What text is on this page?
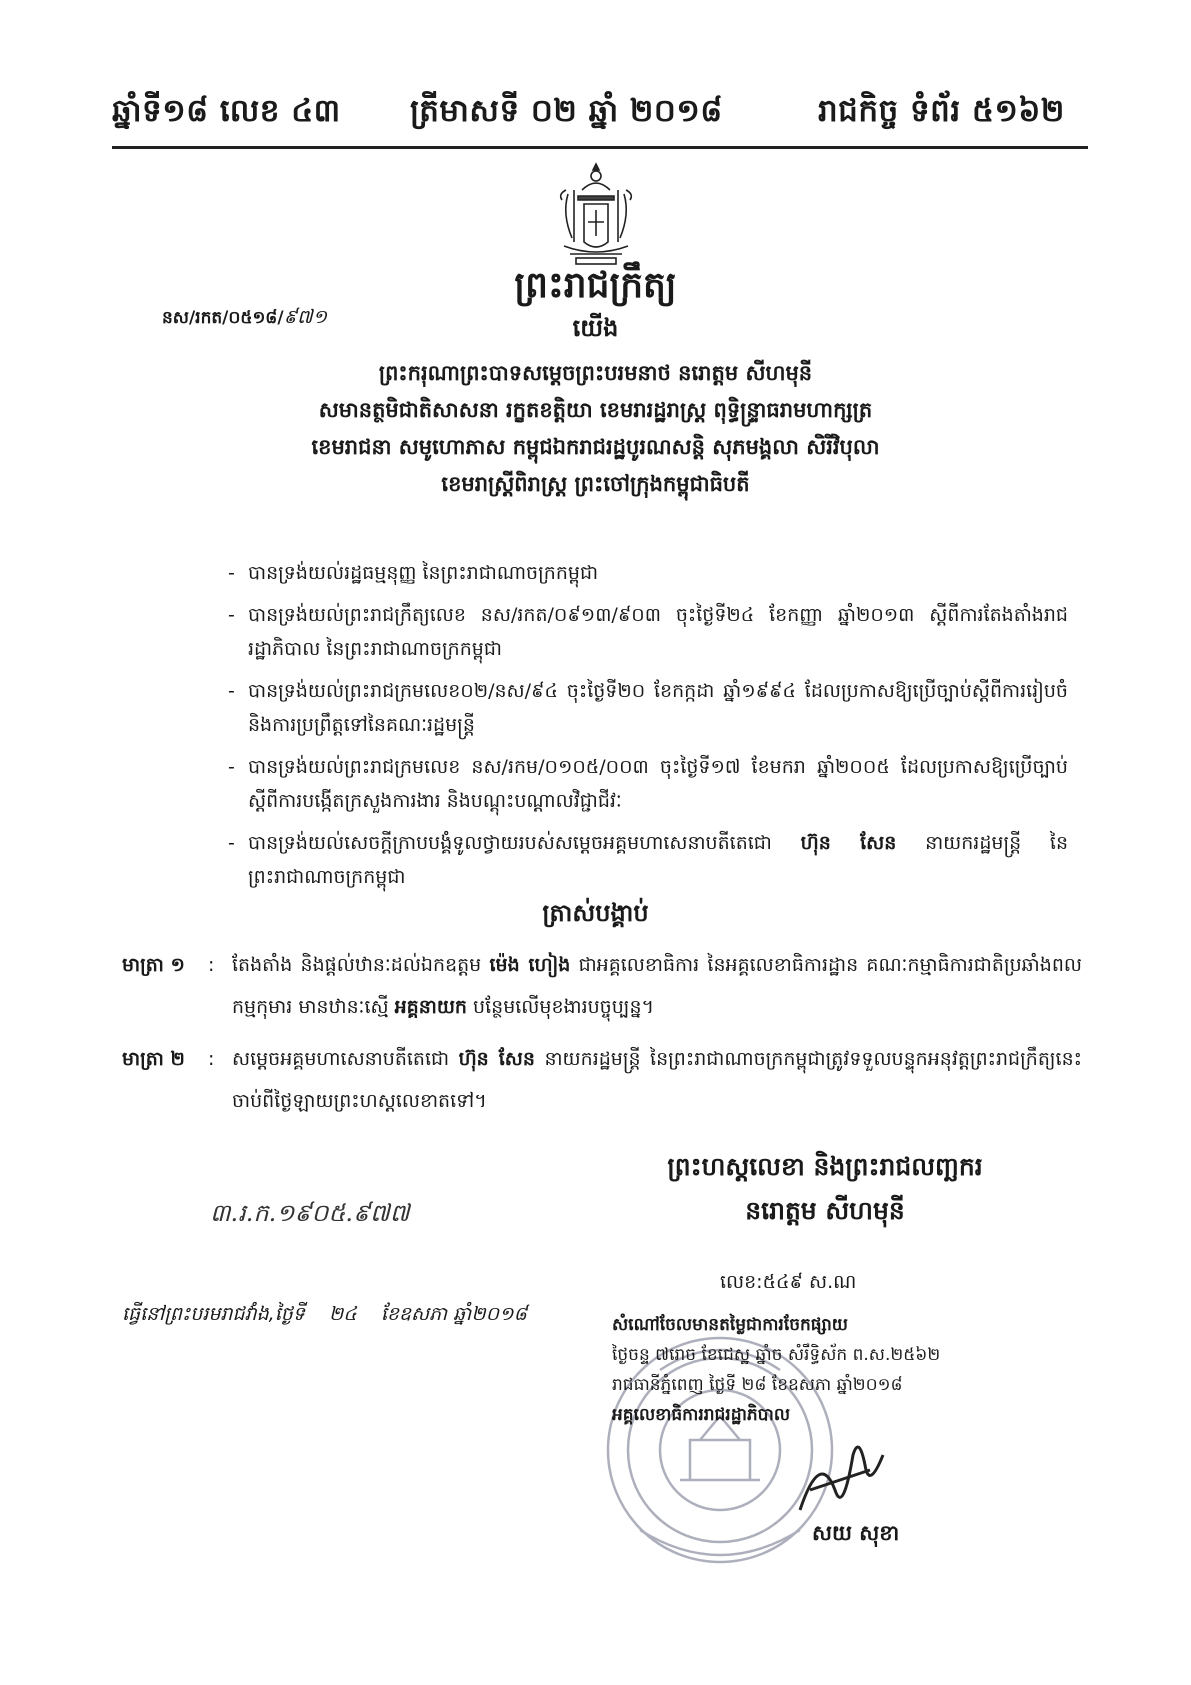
ឆ្នាំទី១៨ លេខ ៤៣ ត្រីមាសទី ០២ ឆ្នាំ ២០១៨	រាជកិច្ច ទំព័រ ៥១៦២
នស/រកត/០៥១៨/៩៧១
ព្រះរាជក្រឹត្យ
យើង
ព្រះករុណាព្រះបាទសម្ដេចព្រះបរមនាថ នរោត្ដម សីហមុនី
សមានត្ថមិជាតិសាសនា រក្ខតខត្តិយា ខេមរារដ្ឋរាស្ត្រ ពុទ្ធិន្ទ្រាធរាមហាក្សត្រ
ខេមរាជនា សមូហោភាស កម្ពុជឯករាជរដ្ឋបូរណសន្តិ សុភមង្គលា សិរីវិបុលា
ខេមរាស្ត្រីពិរាស្ត្រ ព្រះចៅក្រុងកម្ពុជាធិបតី
- បានទ្រង់យល់រដ្ឋធម្មនុញ្ញ នៃព្រះរាជាណាចក្រកម្ពុជា
- បានទ្រង់យល់ព្រះរាជក្រឹត្យលេខ នស/រកត/០៩១៣/៩០៣ ចុះថ្ងៃទី២៤ ខែកញ្ញា ឆ្នាំ២០១៣ ស្ដីពីការតែងតាំងរាជរដ្ឋាភិបាល នៃព្រះរាជាណាចក្រកម្ពុជា
- បានទ្រង់យល់ព្រះរាជក្រមលេខ០២/នស/៩៤ ចុះថ្ងៃទី២០ ខែកក្កដា ឆ្នាំ១៩៩៤ ដែលប្រកាសឱ្យប្រើច្បាប់ស្ដីពីការរៀបចំ និងការប្រព្រឹត្តទៅនៃគណៈរដ្ឋមន្ត្រី
- បានទ្រង់យល់ព្រះរាជក្រមលេខ នស/រកម/០១០៥/០០៣ ចុះថ្ងៃទី១៧ ខែមករា ឆ្នាំ២០០៥ ដែលប្រកាសឱ្យប្រើច្បាប់ស្ដីពីការបង្កើតក្រសួងការងារ និងបណ្ដុះបណ្ដាលវិជ្ជាជីវៈ
- បានទ្រង់យល់សេចក្ដីក្រាបបង្គំទូលថ្វាយរបស់សម្ដេចអគ្គមហាសេនាបតីតេជោ ហ៊ុន សែន នាយករដ្ឋមន្ត្រី នៃព្រះរាជាណាចក្រកម្ពុជា
ត្រាស់បង្គាប់
មាត្រា ១ : តែងតាំង និងផ្ដល់ឋានៈដល់ឯកឧត្ដម ម៉េង ហៀង ជាអគ្គលេខាធិការ នៃអគ្គលេខាធិការដ្ឋាន គណៈកម្មាធិការជាតិប្រឆាំងពលកម្មកុមារ មានឋានៈស្មើ អគ្គនាយក បន្ថែមលើមុខងារបច្ចុប្បន្ន។
មាត្រា ២ : សម្ដេចអគ្គមហាសេនាបតីតេជោ ហ៊ុន សែន នាយករដ្ឋមន្ត្រី នៃព្រះរាជាណាចក្រកម្ពុជាត្រូវទទួលបន្ទុកអនុវត្តព្រះរាជក្រឹត្យនេះ ចាប់ពីថ្ងៃឡាយព្រះហស្ដលេខាតទៅ។
ព្រះហស្តលេខា និងព្រះរាជលញ្ឆករ
នរោត្តម សីហមុនី
៣.រ.ក.១៩០៥.៩៧៧
ធ្វើនៅព្រះបរមរាជវាំង,ថ្ងៃទី ២៤ ខែឧសភា ឆ្នាំ២០១៨
លេខ:៥៤៩ ស.ណ
សំណៅចែលមានតម្លៃជាការចែកផ្សាយ
ថ្ងៃចន្ទ ៧រោច ខែជេស្ឋ ឆ្នាំច សំរឹទ្ធិស័ក ព.ស.២៥៦២
រាជធានីភ្នំពេញ ថ្ងៃទី ២៨ ខែឧសភា ឆ្នាំ២០១៨
អគ្គលេខាធិការរាជរដ្ឋាភិបាល
សយ សុខា
